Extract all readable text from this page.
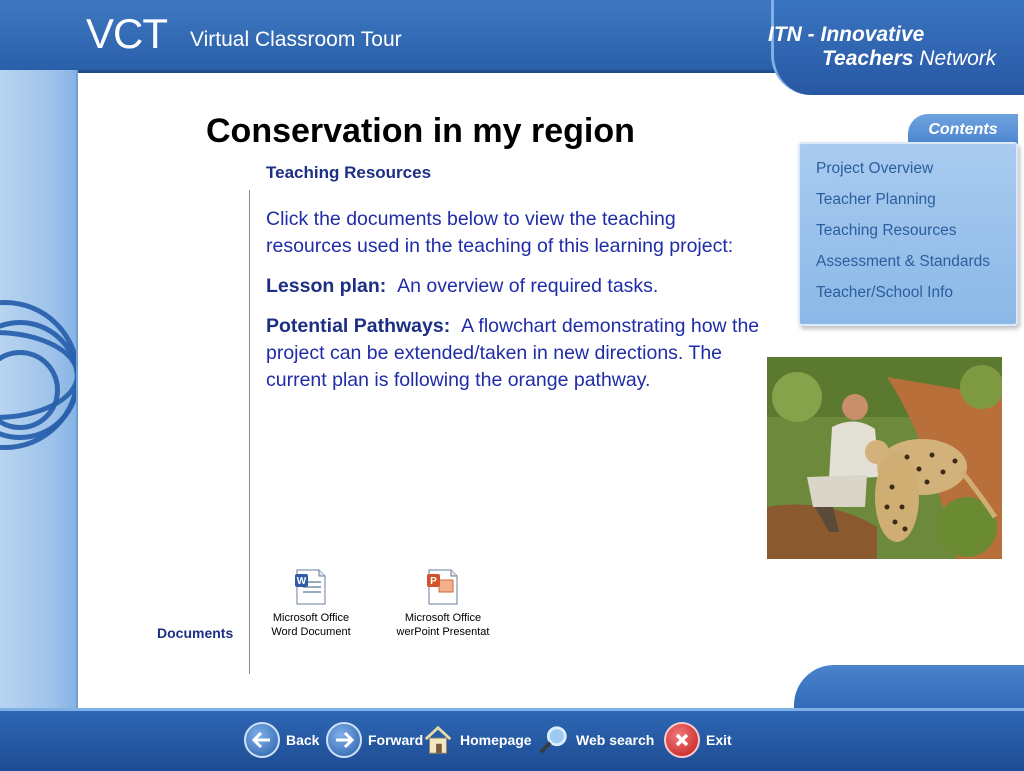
VCT Virtual Classroom Tour	ITN - Innovative
Teachers Network
Contents
Project Overview
Teacher Planning
Teaching Resources
Assessment & Standards
Teacher/School Info
Conservation in my region
Teaching Resources

Click the documents below to view the teaching resources used in the teaching of this learning project:

Lesson plan: An overview of required tasks.

Potential Pathways: A flowchart demonstrating how the project can be extended/taken in new directions. The current plan is following the orange pathway.

W
Microsoft Office
Word Document
P
Microsoft Office
werPoint Presentat
Documents
Back	Forward	Homepage	Web search	Exit
